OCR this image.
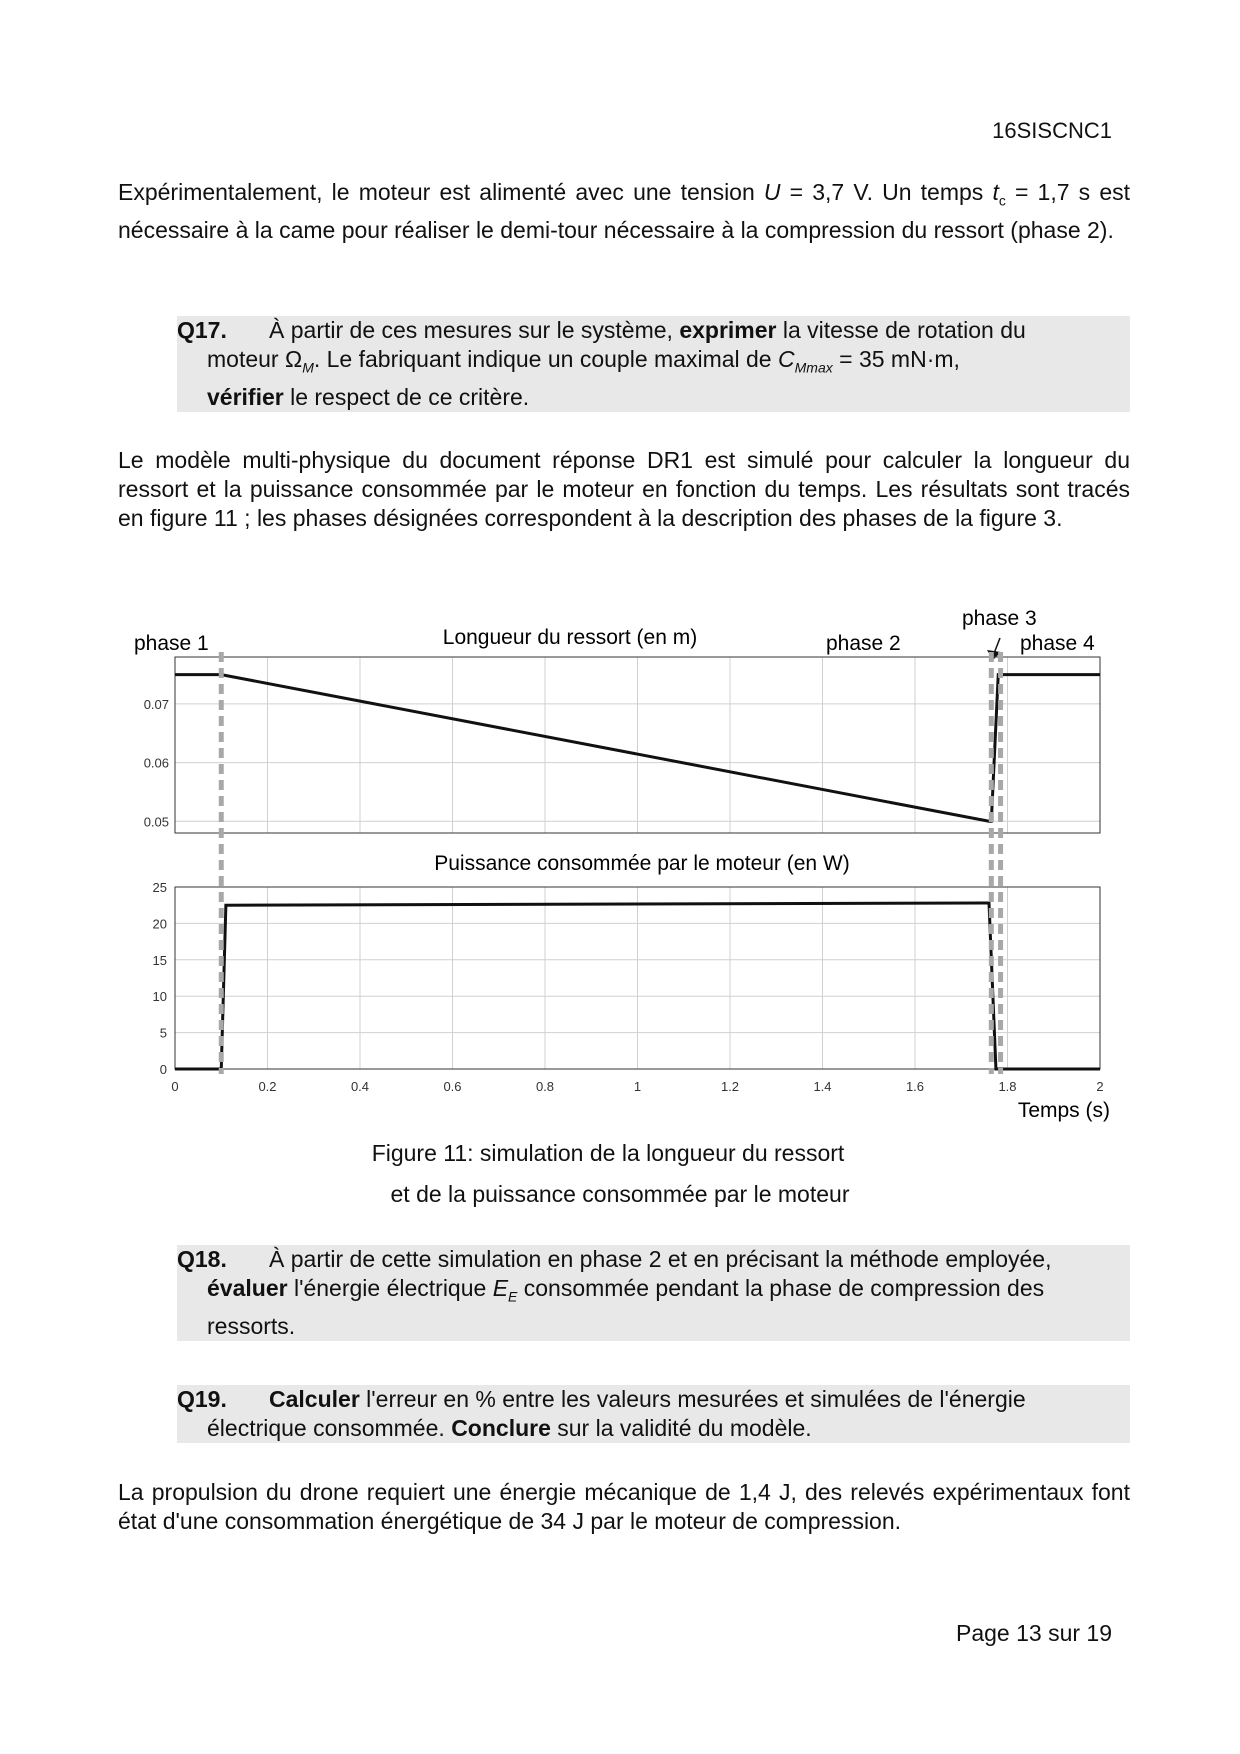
16SISCNC1
Expérimentalement, le moteur est alimenté avec une tension U = 3,7 V. Un temps $t_c = 1,7$ s est nécessaire à la came pour réaliser le demi-tour nécessaire à la compression du ressort (phase 2).
Q17. À partir de ces mesures sur le système, exprimer la vitesse de rotation du
moteur $\Omega_M$. Le fabriquant indique un couple maximal de $C_{Mmax} = 35$ mN·m,
vérifier le respect de ce critère.
Le modèle multi-physique du document réponse DR1 est simulé pour calculer la longueur du ressort et la puissance consommée par le moteur en fonction du temps. Les résultats sont tracés en figure 11 ; les phases désignées correspondent à la description des phases de la figure 3.
phase 1	phase 2
phase 3
phase 4
Longueur du ressort (en m)
0.05
0.06
0.07
Puissance consommée par le moteur (en W)
0
5
10
15
20
25
0	0.2	0.4	0.6	0.8	1	1.2	1.4	1.6	1.8	2
Temps (s)
Figure 11: simulation de la longueur du ressort
et de la puissance consommée par le moteur
Q18. À partir de cette simulation en phase 2 et en précisant la méthode employée,
évaluer l'énergie électrique $E_E$ consommée pendant la phase de compression des
ressorts.
Q19. Calculer l'erreur en % entre les valeurs mesurées et simulées de l'énergie
électrique consommée. Conclure sur la validité du modèle.
La propulsion du drone requiert une énergie mécanique de 1,4 J, des relevés expérimentaux font état d'une consommation énergétique de 34 J par le moteur de compression.
Page 13 sur 19
